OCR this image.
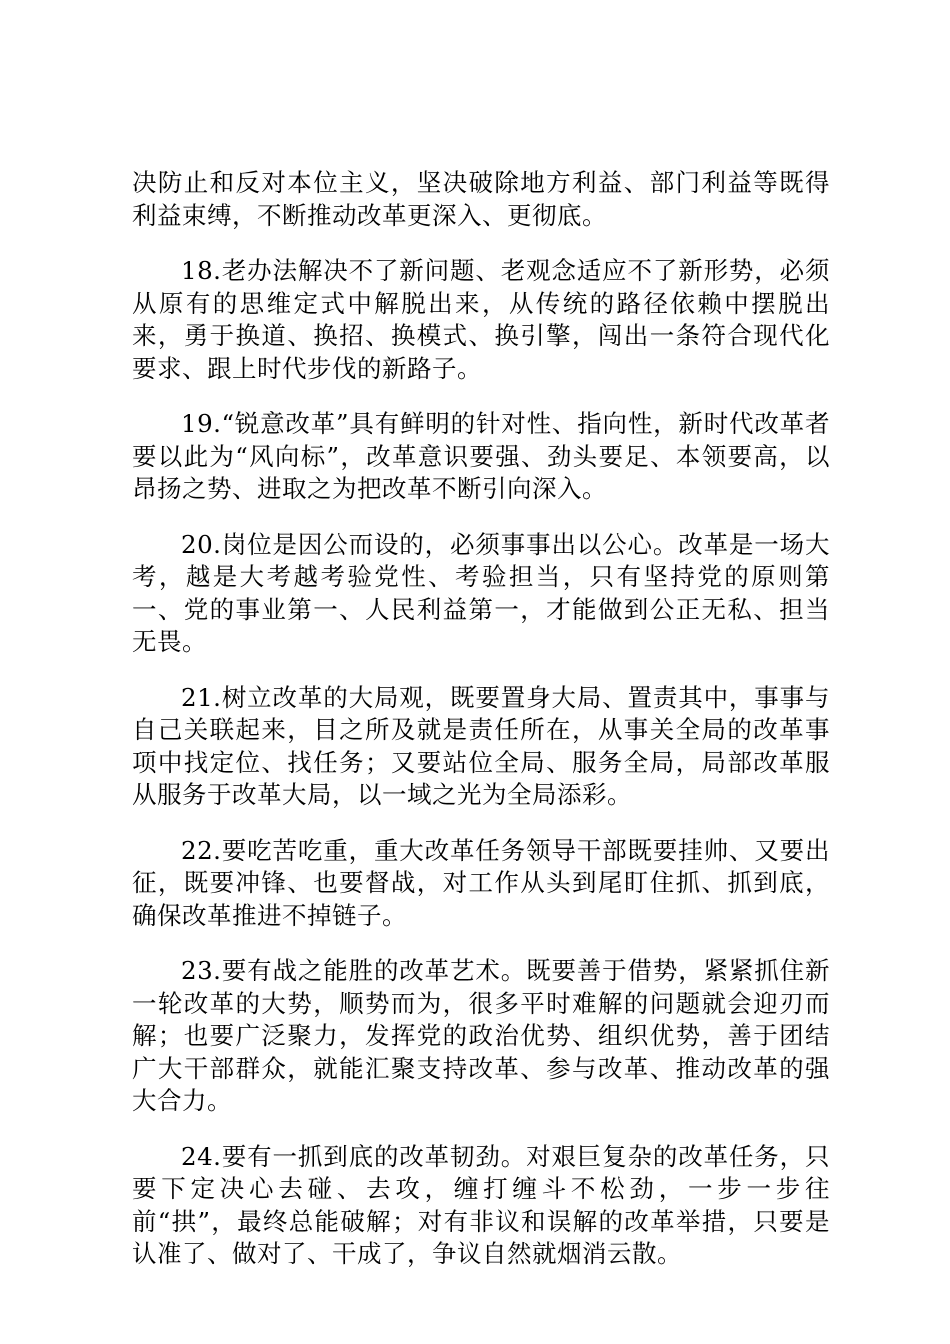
决防止和反对本位主义，坚决破除地方利益、部门利益等既得利益束缚，不断推动改革更深入、更彻底。

18.老办法解决不了新问题、老观念适应不了新形势，必须从原有的思维定式中解脱出来，从传统的路径依赖中摆脱出来，勇于换道、换招、换模式、换引擎，闯出一条符合现代化要求、跟上时代步伐的新路子。

19.“锐意改革”具有鲜明的针对性、指向性，新时代改革者要以此为“风向标”，改革意识要强、劲头要足、本领要高，以昂扬之势、进取之为把改革不断引向深入。

20.岗位是因公而设的，必须事事出以公心。改革是一场大考，越是大考越考验党性、考验担当，只有坚持党的原则第一、党的事业第一、人民利益第一，才能做到公正无私、担当无畏。

21.树立改革的大局观，既要置身大局、置责其中，事事与自己关联起来，目之所及就是责任所在，从事关全局的改革事项中找定位、找任务；又要站位全局、服务全局，局部改革服从服务于改革大局，以一域之光为全局添彩。

22.要吃苦吃重，重大改革任务领导干部既要挂帅、又要出征，既要冲锋、也要督战，对工作从头到尾盯住抓、抓到底，确保改革推进不掉链子。

23.要有战之能胜的改革艺术。既要善于借势，紧紧抓住新一轮改革的大势，顺势而为，很多平时难解的问题就会迎刃而解；也要广泛聚力，发挥党的政治优势、组织优势，善于团结广大干部群众，就能汇聚支持改革、参与改革、推动改革的强大合力。

24.要有一抓到底的改革韧劲。对艰巨复杂的改革任务，只要下定决心去碰、去攻，缠打缠斗不松劲，一步一步往前“拱”，最终总能破解；对有非议和误解的改革举措，只要是认准了、做对了、干成了，争议自然就烟消云散。
